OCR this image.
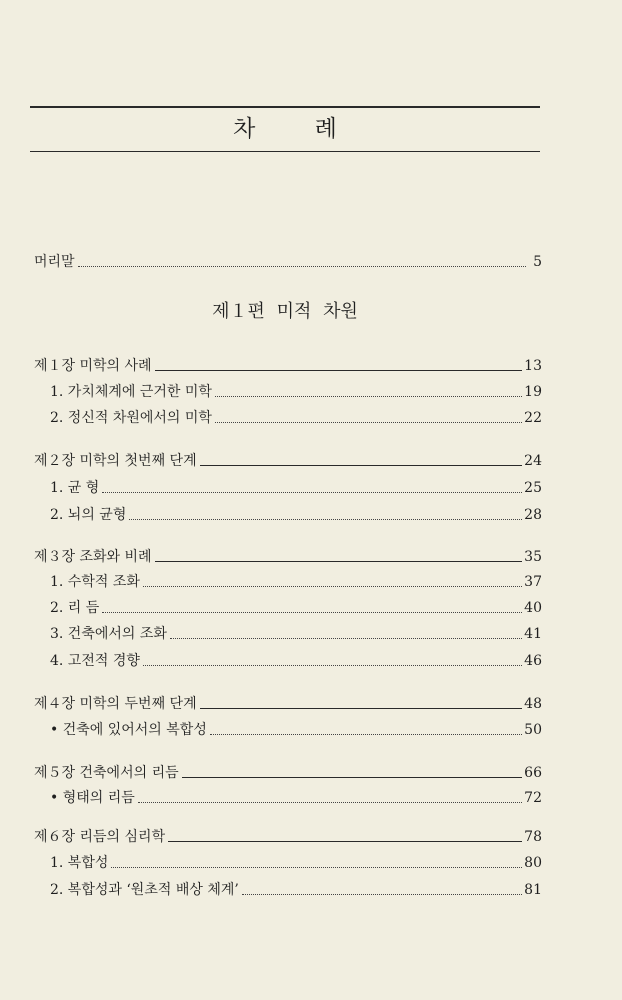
차 례
머리말	5
제１편 미적 차원
제１장 미학의 사례	13
1. 가치체계에 근거한 미학	19
2. 정신적 차원에서의 미학	22
제２장 미학의 첫번째 단계	24
1. 균 형	25
2. 뇌의 균형	28
제３장 조화와 비례	35
1. 수학적 조화	37
2. 리 듬	40
3. 건축에서의 조화	41
4. 고전적 경향	46
제４장 미학의 두번째 단계	48
• 건축에 있어서의 복합성	50
제５장 건축에서의 리듬	66
• 형태의 리듬	72
제６장 리듬의 심리학	78
1. 복합성	80
2. 복합성과 ‘원초적 배상 체계’	81
